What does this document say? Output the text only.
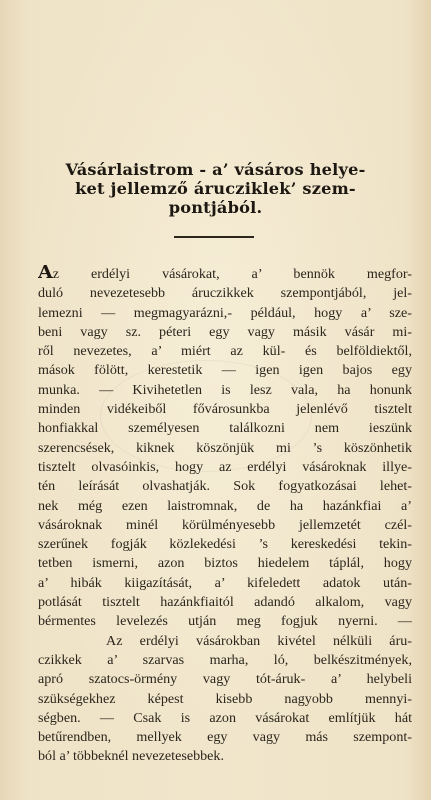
Vásárlaistrom - a’ vásáros helye-
ket jellemző árucziklek’ szem-
pontjából.
Az erdélyi vásárokat, a’ bennök megfor-
duló nevezetesebb áruczikkek szempontjából, jel-
lemezni — megmagyarázni,- például, hogy a’ sze-
beni vagy sz. péteri egy vagy másik vásár mi-
ről nevezetes, a’ miért az kül- és belföldiektől,
mások fölött, kerestetik — igen igen bajos egy
munka. — Kivihetetlen is lesz vala, ha honunk
minden vidékeiből fővárosunkba jelenlévő tisztelt
honfiakkal személyesen találkozni nem ieszünk
szerencsések, kiknek köszönjük mi ’s köszönhetik
tisztelt olvasóinkis, hogy az erdélyi vásároknak illye-
tén leírását olvashatják. Sok fogyatkozásai lehet-
nek még ezen laistromnak, de ha hazánkfiai a’
vásároknak minél körülményesebb jellemzetét czél-
szerűnek fogják közlekedési ’s kereskedési tekin-
tetben ismerni, azon biztos hiedelem táplál, hogy
a’ hibák kiigazítását, a’ kifeledett adatok után-
potlását tisztelt hazánkfiaitól adandó alkalom, vagy
bérmentes levelezés utján meg fogjuk nyerni. —
Az erdélyi vásárokban kivétel nélküli áru-
czikkek a’ szarvas marha, ló, belkészitmények,
apró szatocs-örmény vagy tót-áruk- a’ helybeli
szükségekhez képest kisebb nagyobb mennyi-
ségben. — Csak is azon vásárokat említjük hát
betűrendben, mellyek egy vagy más szempont-
ból a’ többeknél nevezetesebbek.
